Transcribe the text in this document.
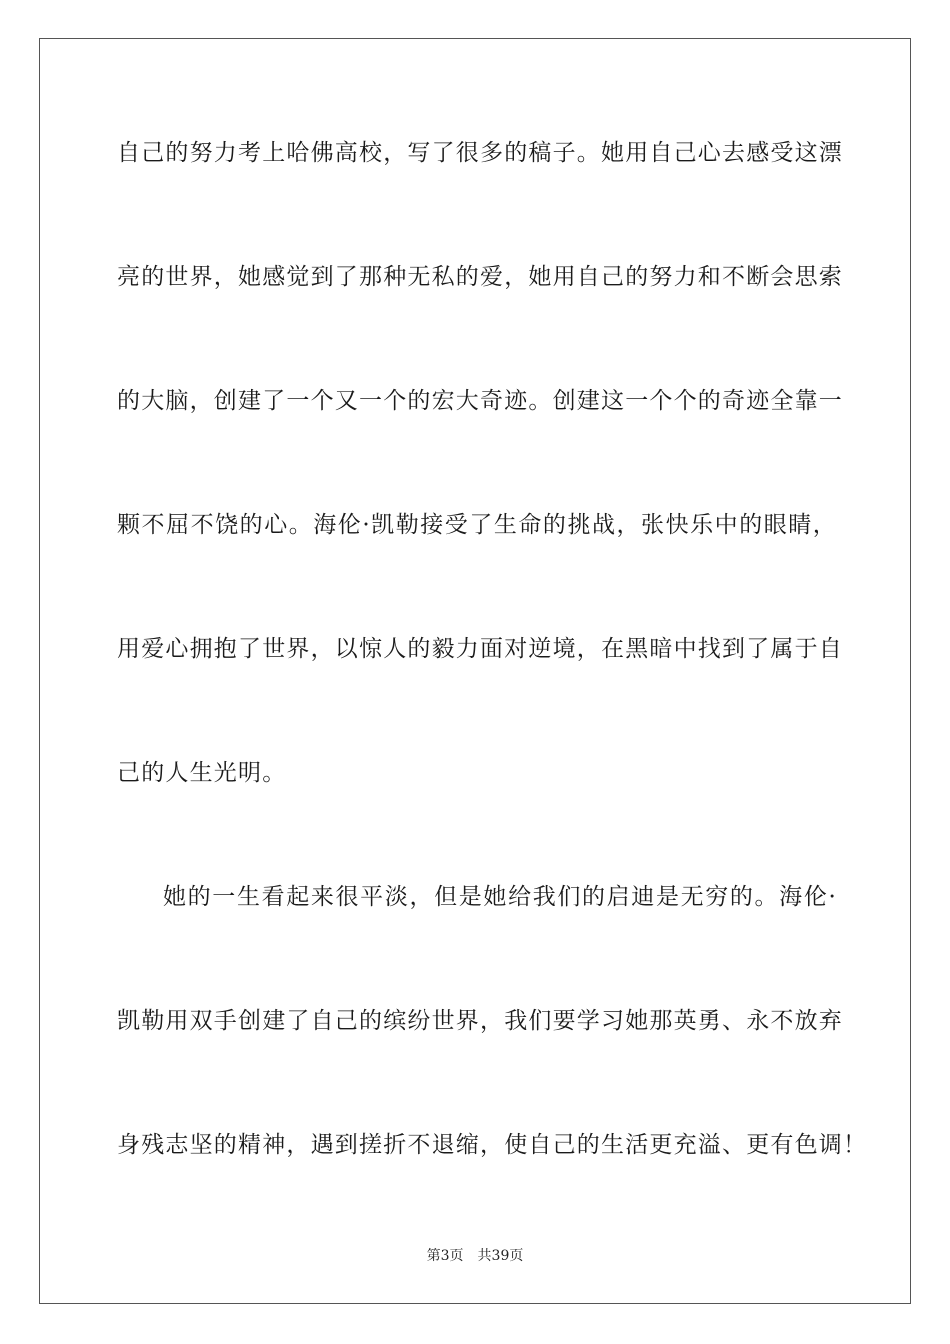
自己的努力考上哈佛高校，写了很多的稿子。她用自己心去感受这漂
亮的世界，她感觉到了那种无私的爱，她用自己的努力和不断会思索
的大脑，创建了一个又一个的宏大奇迹。创建这一个个的奇迹全靠一
颗不屈不饶的心。海伦·凯勒接受了生命的挑战，张快乐中的眼睛，
用爱心拥抱了世界，以惊人的毅力面对逆境，在黑暗中找到了属于自
己的人生光明。
她的一生看起来很平淡，但是她给我们的启迪是无穷的。海伦·
凯勒用双手创建了自己的缤纷世界，我们要学习她那英勇、永不放弃
身残志坚的精神，遇到搓折不退缩，使自己的生活更充溢、更有色调！
第3页 共39页
